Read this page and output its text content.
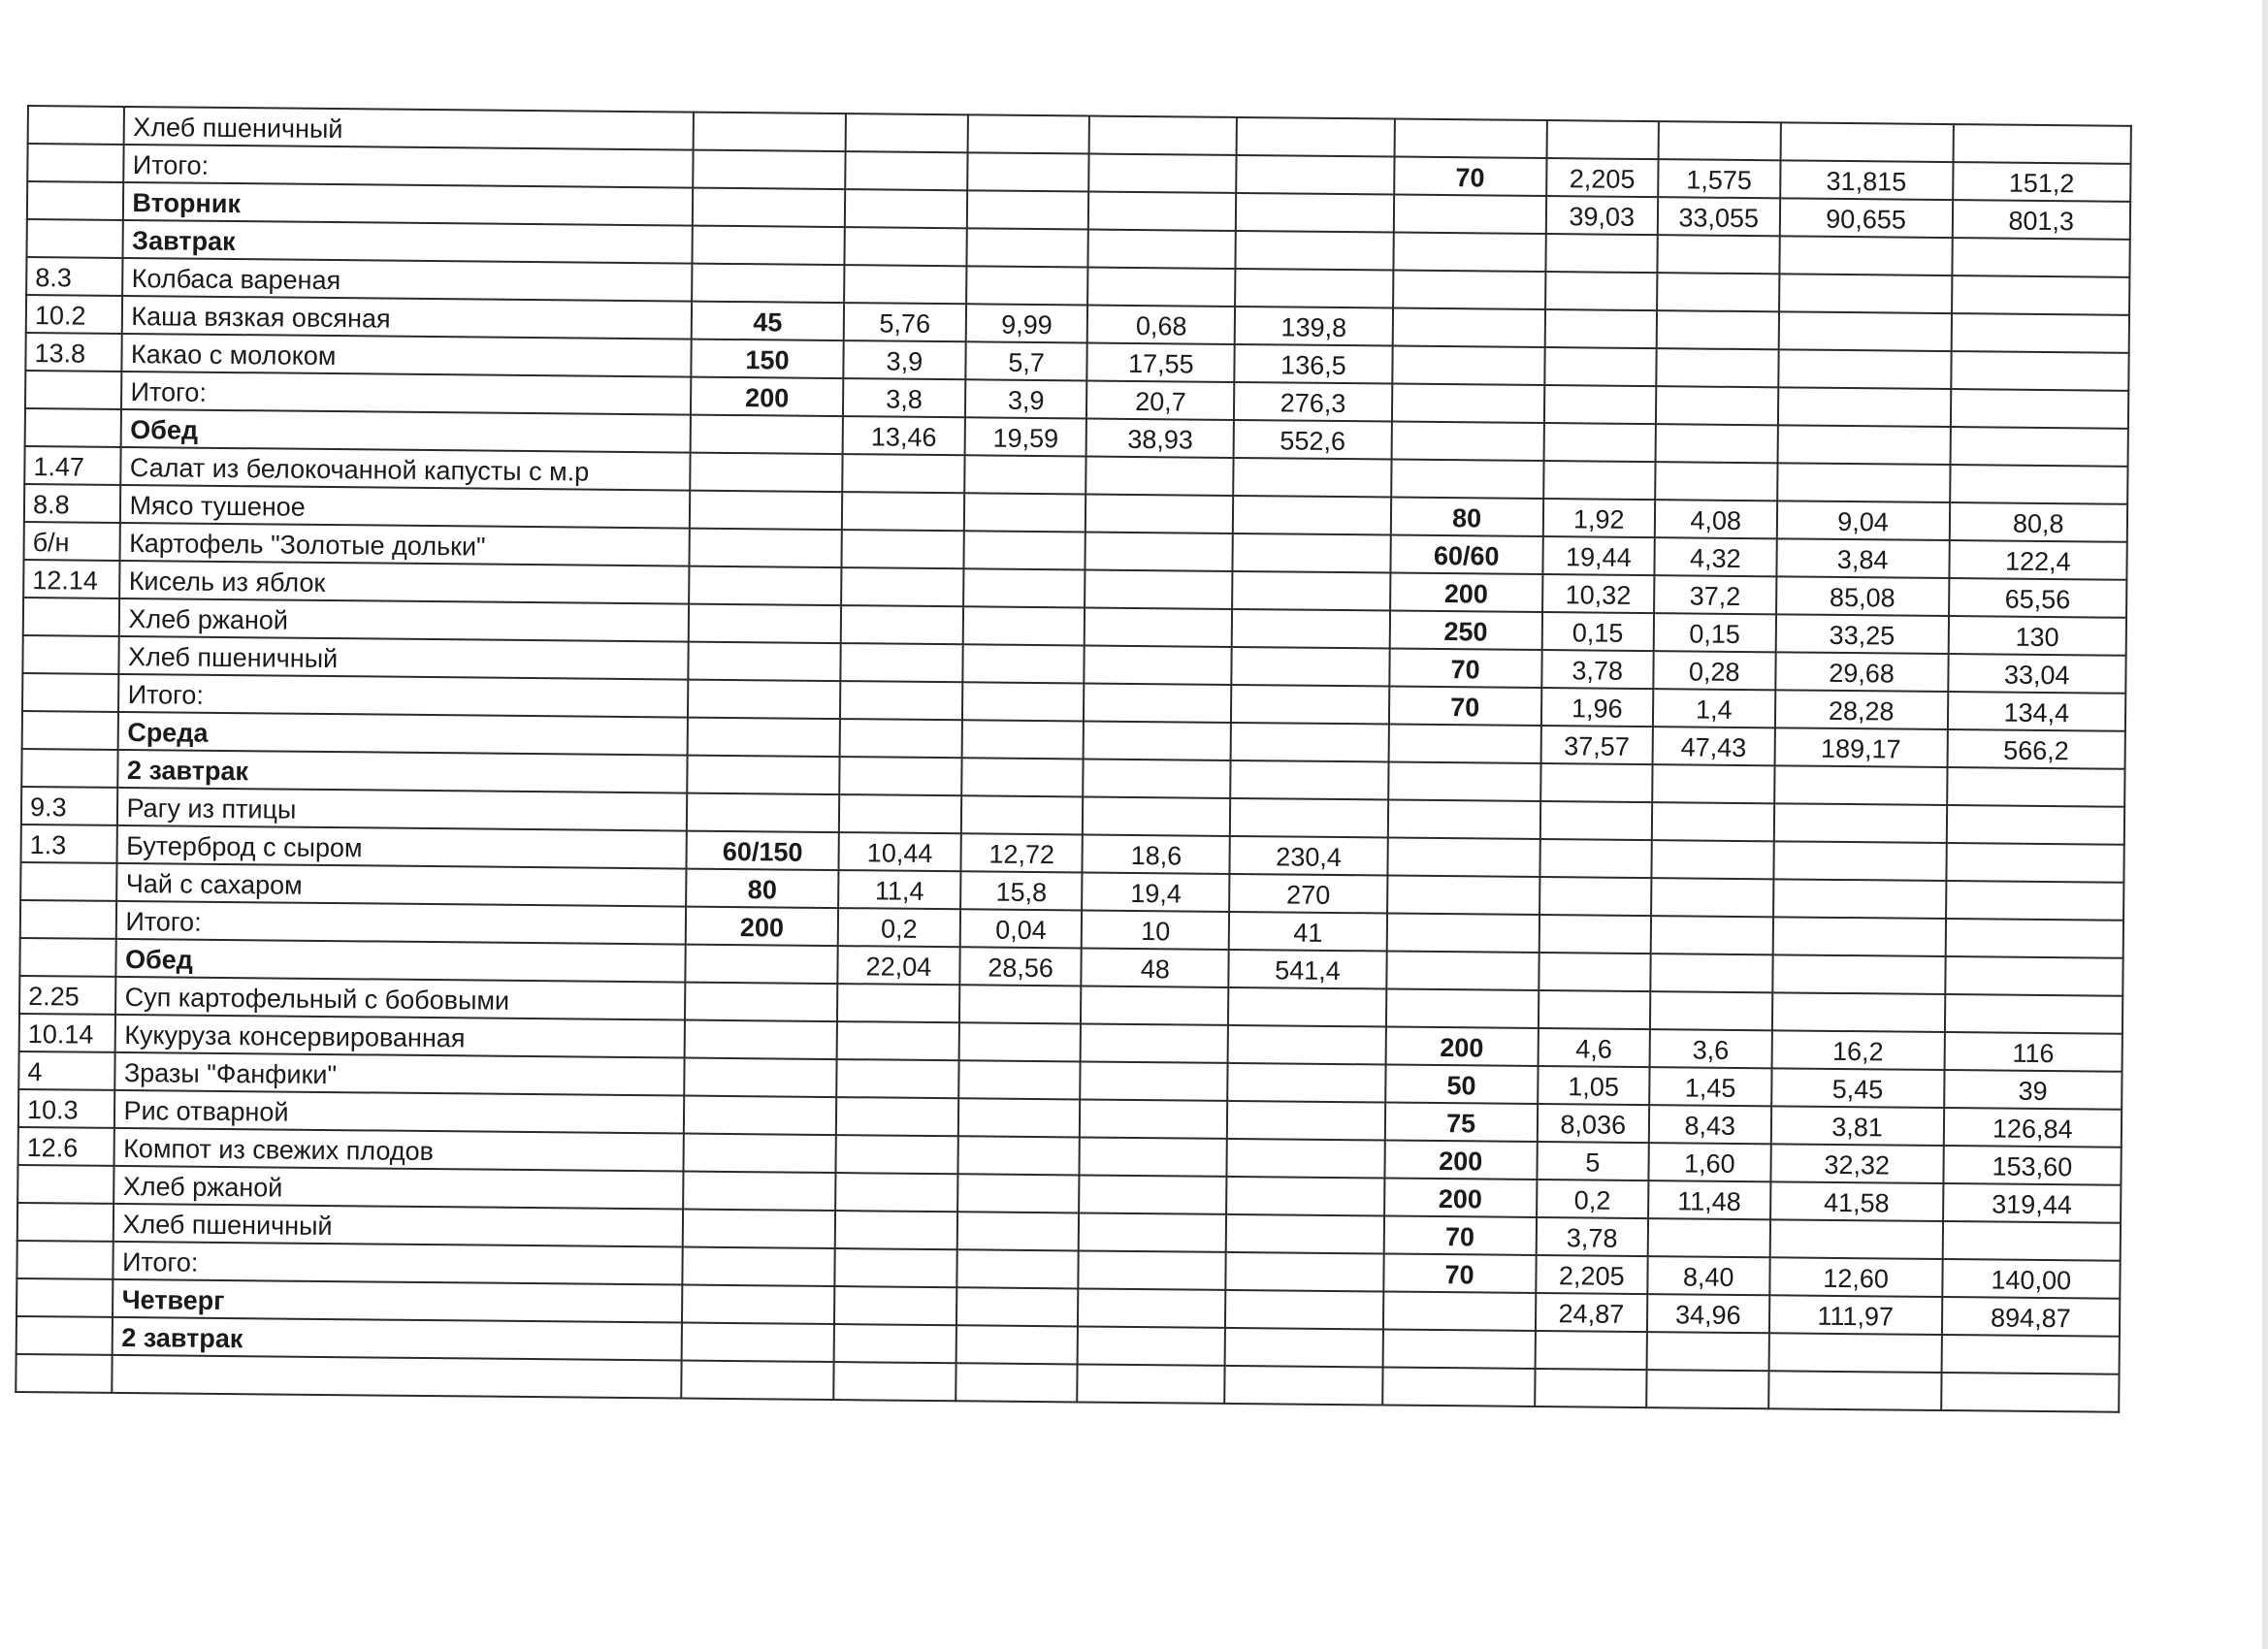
	Хлеб пшеничный										
	Итого:						70	2,205	1,575	31,815	151,2
	Вторник							39,03	33,055	90,655	801,3
	Завтрак										
8.3	Колбаса вареная										
10.2	Каша вязкая овсяная	45	5,76	9,99	0,68	139,8					
13.8	Какао с молоком	150	3,9	5,7	17,55	136,5					
	Итого:	200	3,8	3,9	20,7	276,3					
	Обед		13,46	19,59	38,93	552,6					
1.47	Салат из белокочанной капусты с м.р										
8.8	Мясо тушеное						80	1,92	4,08	9,04	80,8
б/н	Картофель "Золотые дольки"						60/60	19,44	4,32	3,84	122,4
12.14	Кисель из яблок						200	10,32	37,2	85,08	65,56
	Хлеб ржаной						250	0,15	0,15	33,25	130
	Хлеб пшеничный						70	3,78	0,28	29,68	33,04
	Итого:						70	1,96	1,4	28,28	134,4
	Среда							37,57	47,43	189,17	566,2
	2 завтрак										
9.3	Рагу из птицы										
1.3	Бутерброд с сыром	60/150	10,44	12,72	18,6	230,4					
	Чай с сахаром	80	11,4	15,8	19,4	270					
	Итого:	200	0,2	0,04	10	41					
	Обед		22,04	28,56	48	541,4					
2.25	Суп картофельный с бобовыми										
10.14	Кукуруза консервированная						200	4,6	3,6	16,2	116
4	Зразы "Фанфики"						50	1,05	1,45	5,45	39
10.3	Рис отварной						75	8,036	8,43	3,81	126,84
12.6	Компот из свежих плодов						200	5	1,60	32,32	153,60
	Хлеб ржаной						200	0,2	11,48	41,58	319,44
	Хлеб пшеничный						70	3,78			
	Итого:						70	2,205	8,40	12,60	140,00
	Четверг							24,87	34,96	111,97	894,87
	2 завтрак										
